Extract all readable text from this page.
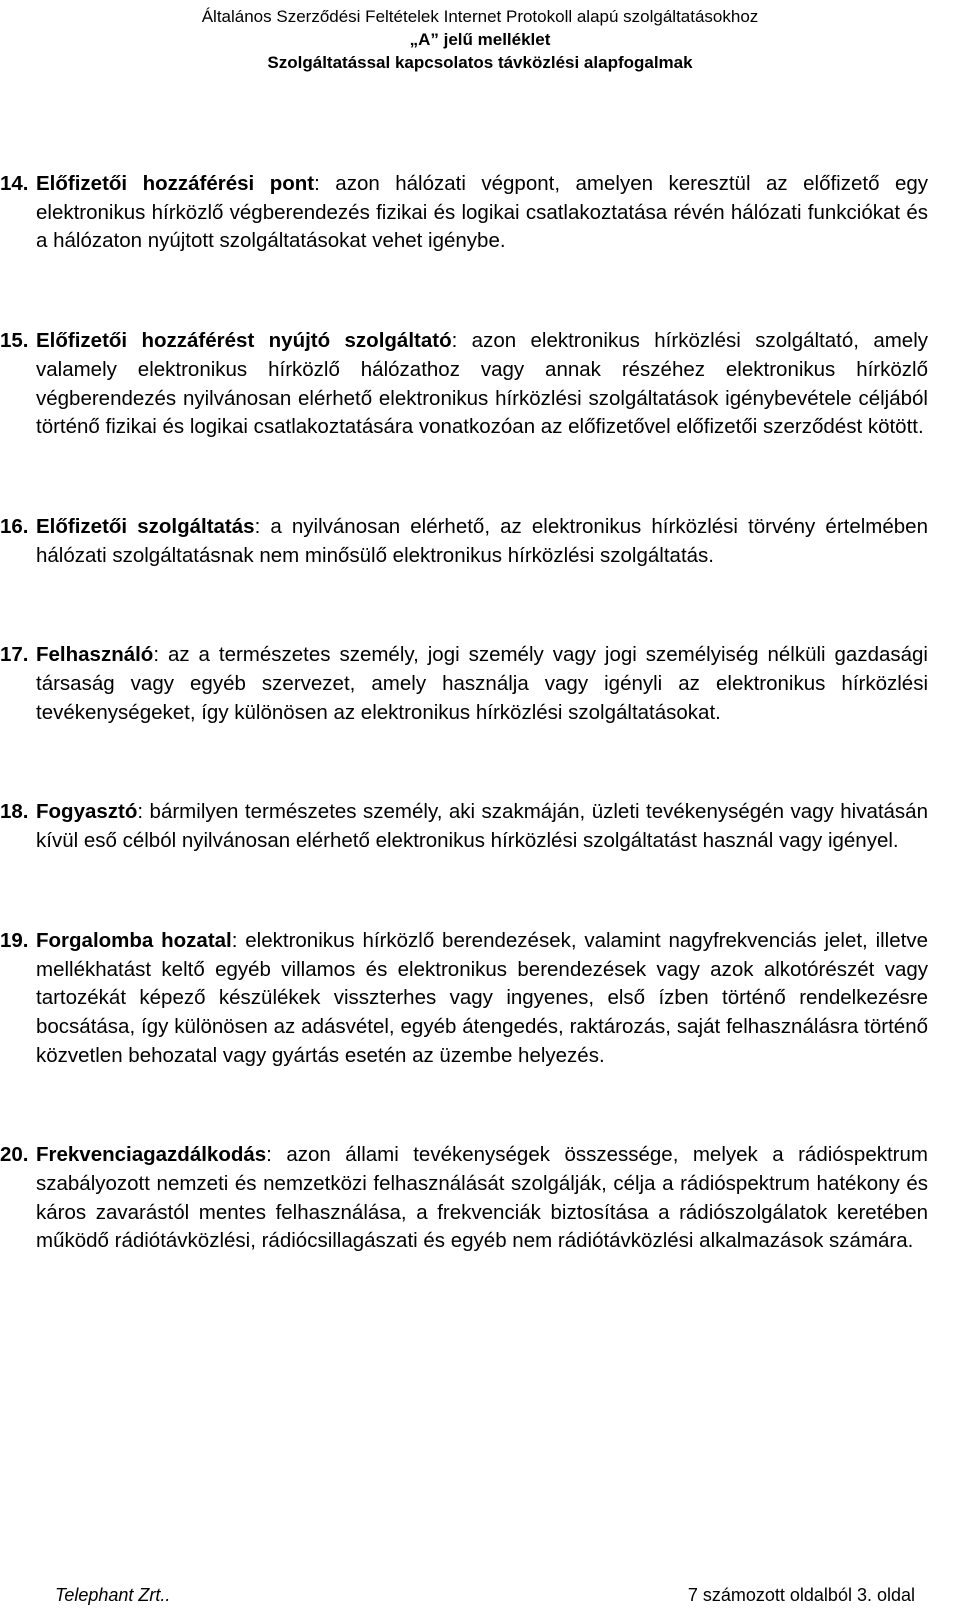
Általános Szerződési Feltételek Internet Protokoll alapú szolgáltatásokhoz
„A” jelű melléklet
Szolgáltatással kapcsolatos távközlési alapfogalmak
14. Előfizetői hozzáférési pont: azon hálózati végpont, amelyen keresztül az előfizető egy elektronikus hírközlő végberendezés fizikai és logikai csatlakoztatása révén hálózati funkciókat és a hálózaton nyújtott szolgáltatásokat vehet igénybe.
15. Előfizetői hozzáférést nyújtó szolgáltató: azon elektronikus hírközlési szolgáltató, amely valamely elektronikus hírközlő hálózathoz vagy annak részéhez elektronikus hírközlő végberendezés nyilvánosan elérhető elektronikus hírközlési szolgáltatások igénybevétele céljából történő fizikai és logikai csatlakoztatására vonatkozóan az előfizetővel előfizetői szerződést kötött.
16. Előfizetői szolgáltatás: a nyilvánosan elérhető, az elektronikus hírközlési törvény értelmében hálózati szolgáltatásnak nem minősülő elektronikus hírközlési szolgáltatás.
17. Felhasználó: az a természetes személy, jogi személy vagy jogi személyiség nélküli gazdasági társaság vagy egyéb szervezet, amely használja vagy igényli az elektronikus hírközlési tevékenységeket, így különösen az elektronikus hírközlési szolgáltatásokat.
18. Fogyasztó: bármilyen természetes személy, aki szakmáján, üzleti tevékenységén vagy hivatásán kívül eső célból nyilvánosan elérhető elektronikus hírközlési szolgáltatást használ vagy igényel.
19. Forgalomba hozatal: elektronikus hírközlő berendezések, valamint nagyfrekvenciás jelet, illetve mellékhatást keltő egyéb villamos és elektronikus berendezések vagy azok alkotórészét vagy tartozékát képező készülékek visszterhes vagy ingyenes, első ízben történő rendelkezésre bocsátása, így különösen az adásvétel, egyéb átengedés, raktározás, saját felhasználásra történő közvetlen behozatal vagy gyártás esetén az üzembe helyezés.
20. Frekvenciagazdálkodás: azon állami tevékenységek összessége, melyek a rádióspektrum szabályozott nemzeti és nemzetközi felhasználását szolgálják, célja a rádióspektrum hatékony és káros zavarástól mentes felhasználása, a frekvenciák biztosítása a rádiószolgálatok keretében működő rádiótávközlési, rádiócsillagászati és egyéb nem rádiótávközlési alkalmazások számára.
Telephant Zrt..	7 számozott oldalból 3. oldal
